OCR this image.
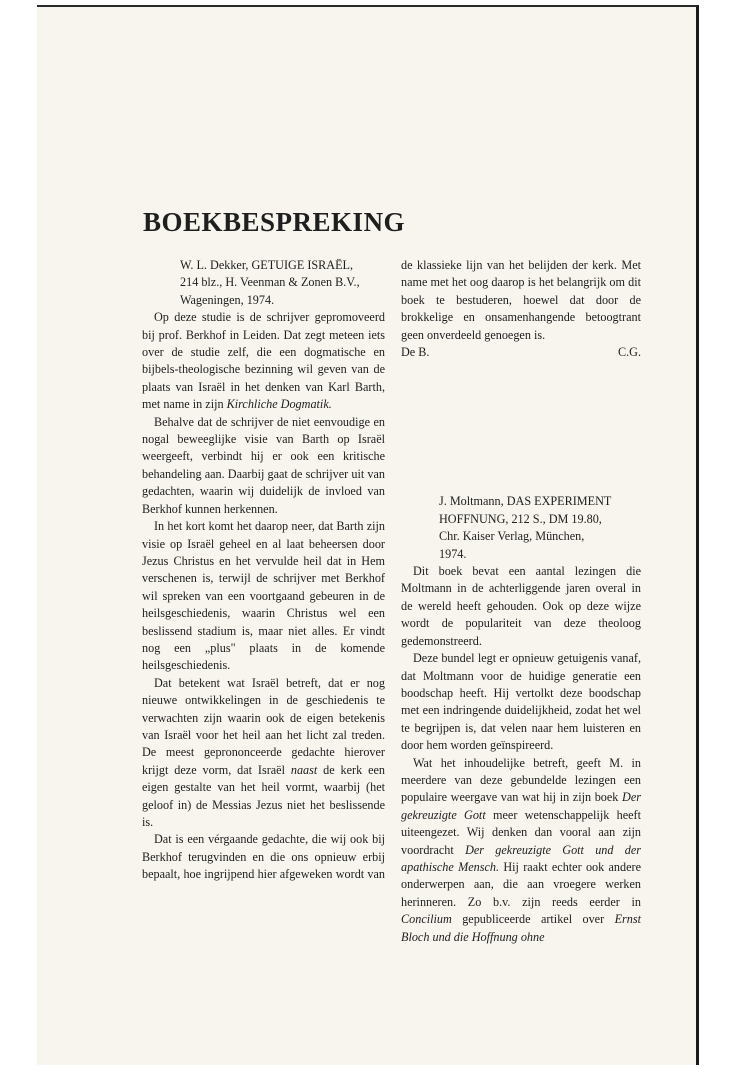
BOEKBESPREKING

W. L. Dekker, GETUIGE ISRAËL,
214 blz., H. Veenman & Zonen B.V.,
Wageningen, 1974.

Op deze studie is de schrijver gepromoveerd bij prof. Berkhof in Leiden. Dat zegt meteen iets over de studie zelf, die een dogmatische en bijbels-theologische bezinning wil geven van de plaats van Israël in het denken van Karl Barth, met name in zijn Kirchliche Dogmatik.

Behalve dat de schrijver de niet eenvoudige en nogal beweeglijke visie van Barth op Israël weergeeft, verbindt hij er ook een kritische behandeling aan. Daarbij gaat de schrijver uit van gedachten, waarin wij duidelijk de invloed van Berkhof kunnen herkennen.

In het kort komt het daarop neer, dat Barth zijn visie op Israël geheel en al laat beheersen door Jezus Christus en het vervulde heil dat in Hem verschenen is, terwijl de schrijver met Berkhof wil spreken van een voortgaand gebeuren in de heilsgeschiedenis, waarin Christus wel een beslissend stadium is, maar niet alles. Er vindt nog een „plus" plaats in de komende heilsgeschiedenis.

Dat betekent wat Israël betreft, dat er nog nieuwe ontwikkelingen in de geschiedenis te verwachten zijn waarin ook de eigen betekenis van Israël voor het heil aan het licht zal treden. De meest geprononceerde gedachte hierover krijgt deze vorm, dat Israël naast de kerk een eigen gestalte van het heil vormt, waarbij (het geloof in) de Messias Jezus niet het beslissende is.

Dat is een vérgaande gedachte, die wij ook bij Berkhof terugvinden en die ons opnieuw erbij bepaalt, hoe ingrijpend hier afgeweken wordt van

de klassieke lijn van het belijden der kerk. Met name met het oog daarop is het belangrijk om dit boek te bestuderen, hoewel dat door de brokkelige en onsamenhangende betoogtrant geen onverdeeld genoegen is.

De B.	C.G.

J. Moltmann, DAS EXPERIMENT
HOFFNUNG, 212 S., DM 19.80,
Chr. Kaiser Verlag, München,
1974.

Dit boek bevat een aantal lezingen die Moltmann in de achterliggende jaren overal in de wereld heeft gehouden. Ook op deze wijze wordt de populariteit van deze theoloog gedemonstreerd.

Deze bundel legt er opnieuw getuigenis vanaf, dat Moltmann voor de huidige generatie een boodschap heeft. Hij vertolkt deze boodschap met een indringende duidelijkheid, zodat het wel te begrijpen is, dat velen naar hem luisteren en door hem worden geïnspireerd.

Wat het inhoudelijke betreft, geeft M. in meerdere van deze gebundelde lezingen een populaire weergave van wat hij in zijn boek Der gekreuzigte Gott meer wetenschappelijk heeft uiteengezet. Wij denken dan vooral aan zijn voordracht Der gekreuzigte Gott und der apathische Mensch. Hij raakt echter ook andere onderwerpen aan, die aan vroegere werken herinneren. Zo b.v. zijn reeds eerder in Concilium gepubliceerde artikel over Ernst Bloch und die Hoffnung ohne
